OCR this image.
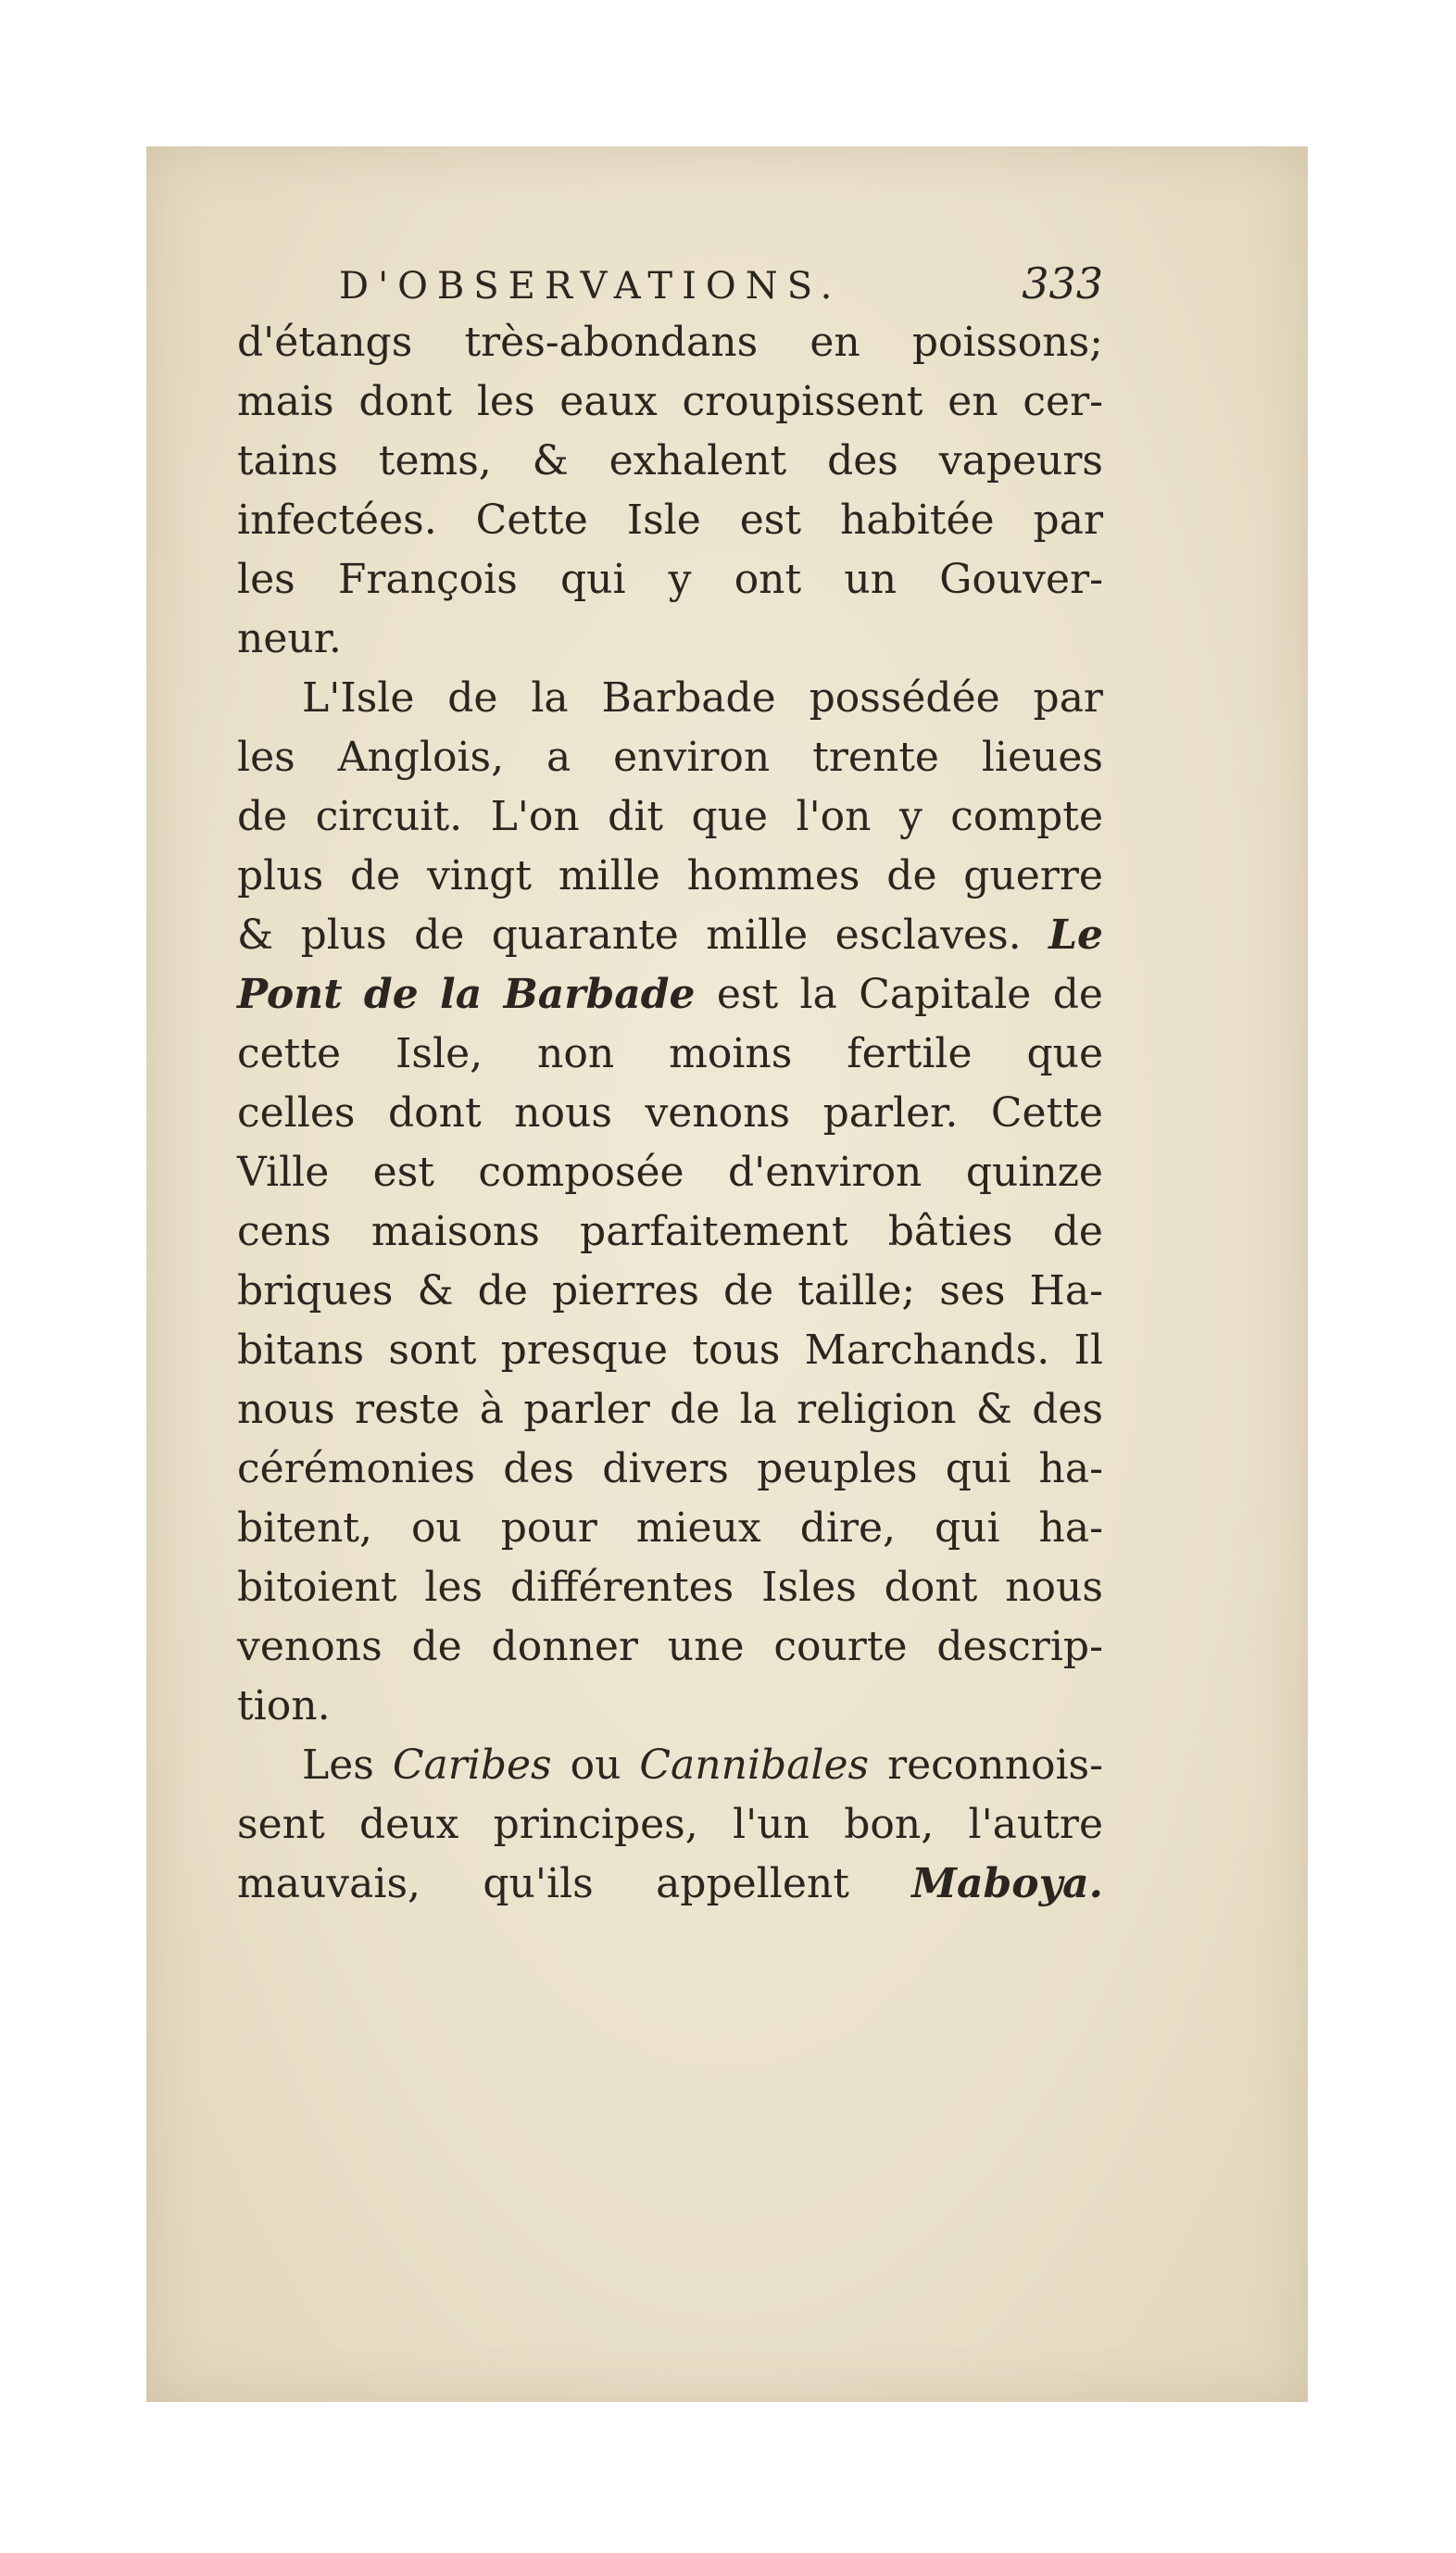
D'OBSERVATIONS.	333
d'étangs très-abondans en poissons;
mais dont les eaux croupissent en cer-
tains tems, & exhalent des vapeurs
infectées. Cette Isle est habitée par
les François qui y ont un Gouver-
neur.
L'Isle de la Barbade possédée par
les Anglois, a environ trente lieues
de circuit. L'on dit que l'on y compte
plus de vingt mille hommes de guerre
& plus de quarante mille esclaves. Le
Pont de la Barbade est la Capitale de
cette Isle, non moins fertile que
celles dont nous venons parler. Cette
Ville est composée d'environ quinze
cens maisons parfaitement bâties de
briques & de pierres de taille; ses Ha-
bitans sont presque tous Marchands. Il
nous reste à parler de la religion & des
cérémonies des divers peuples qui ha-
bitent, ou pour mieux dire, qui ha-
bitoient les différentes Isles dont nous
venons de donner une courte descrip-
tion.
Les Caribes ou Cannibales reconnois-
sent deux principes, l'un bon, l'autre
mauvais, qu'ils appellent Maboya.
